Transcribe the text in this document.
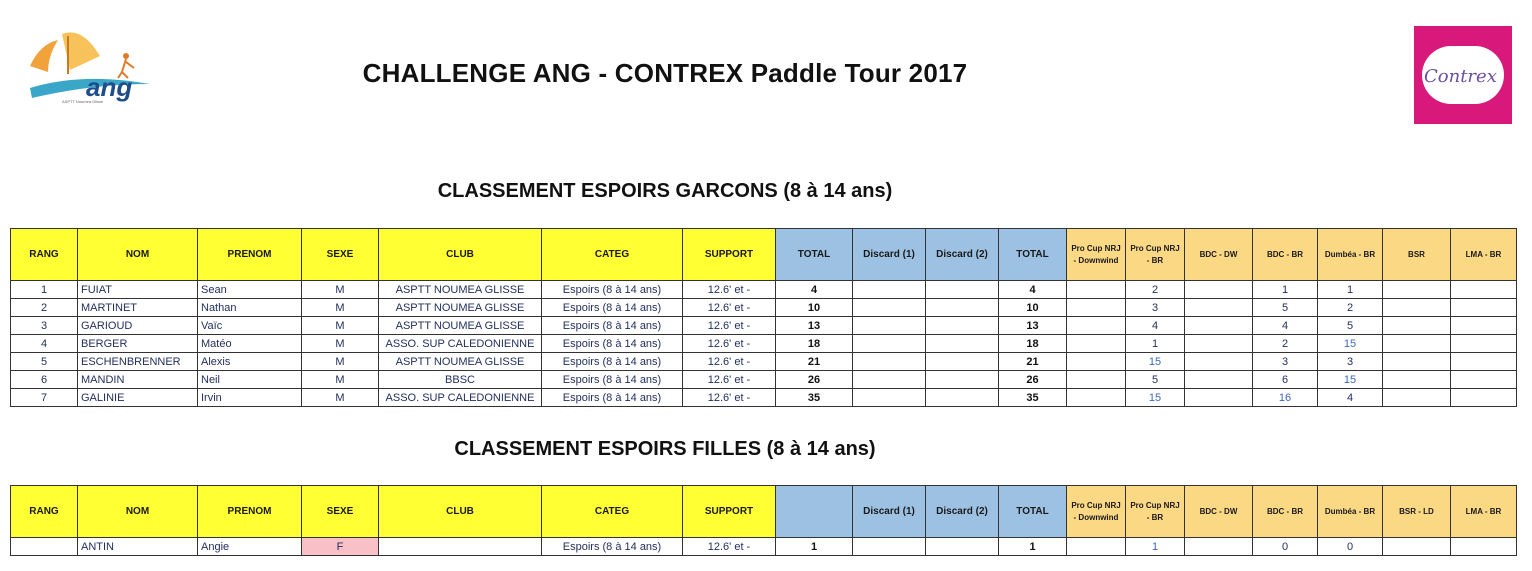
ang
ASPTT Noumea Glisse
CHALLENGE ANG - CONTREX Paddle Tour 2017	Contrex
CLASSEMENT ESPOIRS GARCONS (8 à 14 ans)
RANG	NOM	PRENOM	SEXE	CLUB	CATEG	SUPPORT	TOTAL	Discard (1)	Discard (2)	TOTAL	Pro Cup NRJ - Downwind	Pro Cup NRJ - BR	BDC - DW	BDC - BR	Dumbéa - BR	BSR	LMA - BR
1	FUIAT	Sean	M	ASPTT NOUMEA GLISSE	Espoirs (8 à 14 ans)	12.6' et -	4			4		2		1	1		
2	MARTINET	Nathan	M	ASPTT NOUMEA GLISSE	Espoirs (8 à 14 ans)	12.6' et -	10			10		3		5	2		
3	GARIOUD	Vaïc	M	ASPTT NOUMEA GLISSE	Espoirs (8 à 14 ans)	12.6' et -	13			13		4		4	5		
4	BERGER	Matéo	M	ASSO. SUP CALEDONIENNE	Espoirs (8 à 14 ans)	12.6' et -	18			18		1		2	15		
5	ESCHENBRENNER	Alexis	M	ASPTT NOUMEA GLISSE	Espoirs (8 à 14 ans)	12.6' et -	21			21		15		3	3		
6	MANDIN	Neil	M	BBSC	Espoirs (8 à 14 ans)	12.6' et -	26			26		5		6	15		
7	GALINIE	Irvin	M	ASSO. SUP CALEDONIENNE	Espoirs (8 à 14 ans)	12.6' et -	35			35		15		16	4		
CLASSEMENT ESPOIRS FILLES (8 à 14 ans)
RANG	NOM	PRENOM	SEXE	CLUB	CATEG	SUPPORT		Discard (1)	Discard (2)	TOTAL	Pro Cup NRJ - Downwind	Pro Cup NRJ - BR	BDC - DW	BDC - BR	Dumbéa - BR	BSR - LD	LMA - BR
	ANTIN	Angie	F		Espoirs (8 à 14 ans)	12.6' et -	1			1		1		0	0		
